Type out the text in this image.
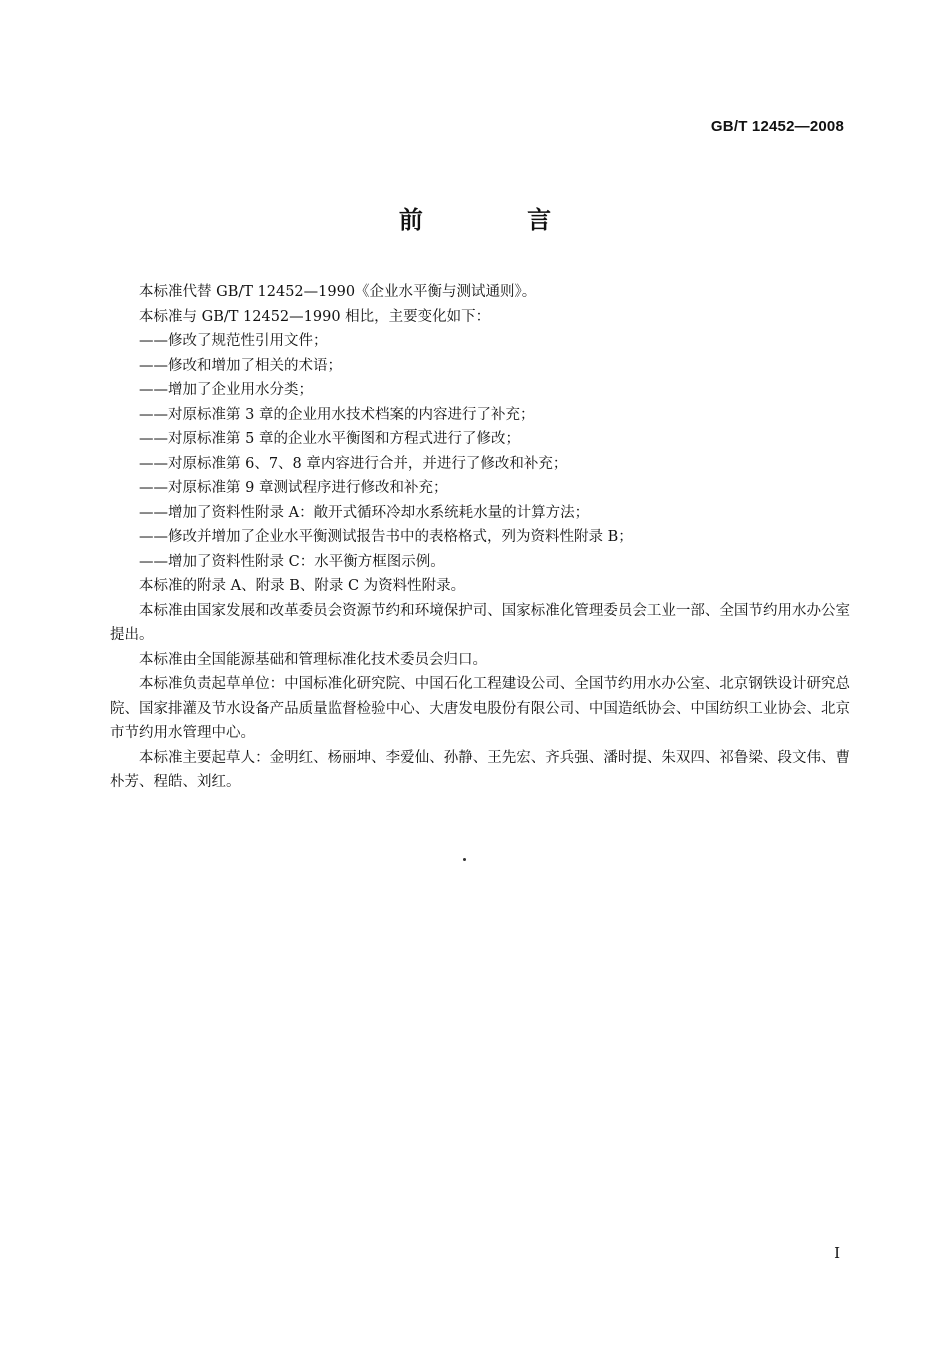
GB/T 12452—2008
前 言

本标准代替 GB/T 12452—1990《企业水平衡与测试通则》。

本标准与 GB/T 12452—1990 相比，主要变化如下：

——修改了规范性引用文件；

——修改和增加了相关的术语；

——增加了企业用水分类；

——对原标准第 3 章的企业用水技术档案的内容进行了补充；

——对原标准第 5 章的企业水平衡图和方程式进行了修改；

——对原标准第 6、7、8 章内容进行合并，并进行了修改和补充；

——对原标准第 9 章测试程序进行修改和补充；

——增加了资料性附录 A：敞开式循环冷却水系统耗水量的计算方法；

——修改并增加了企业水平衡测试报告书中的表格格式，列为资料性附录 B；

——增加了资料性附录 C：水平衡方框图示例。

本标准的附录 A、附录 B、附录 C 为资料性附录。

本标准由国家发展和改革委员会资源节约和环境保护司、国家标准化管理委员会工业一部、全国节约用水办公室提出。

本标准由全国能源基础和管理标准化技术委员会归口。

本标准负责起草单位：中国标准化研究院、中国石化工程建设公司、全国节约用水办公室、北京钢铁设计研究总院、国家排灌及节水设备产品质量监督检验中心、大唐发电股份有限公司、中国造纸协会、中国纺织工业协会、北京市节约用水管理中心。

本标准主要起草人：金明红、杨丽坤、李爱仙、孙静、王先宏、齐兵强、潘时提、朱双四、祁鲁梁、段文伟、曹朴芳、程皓、刘红。

I
